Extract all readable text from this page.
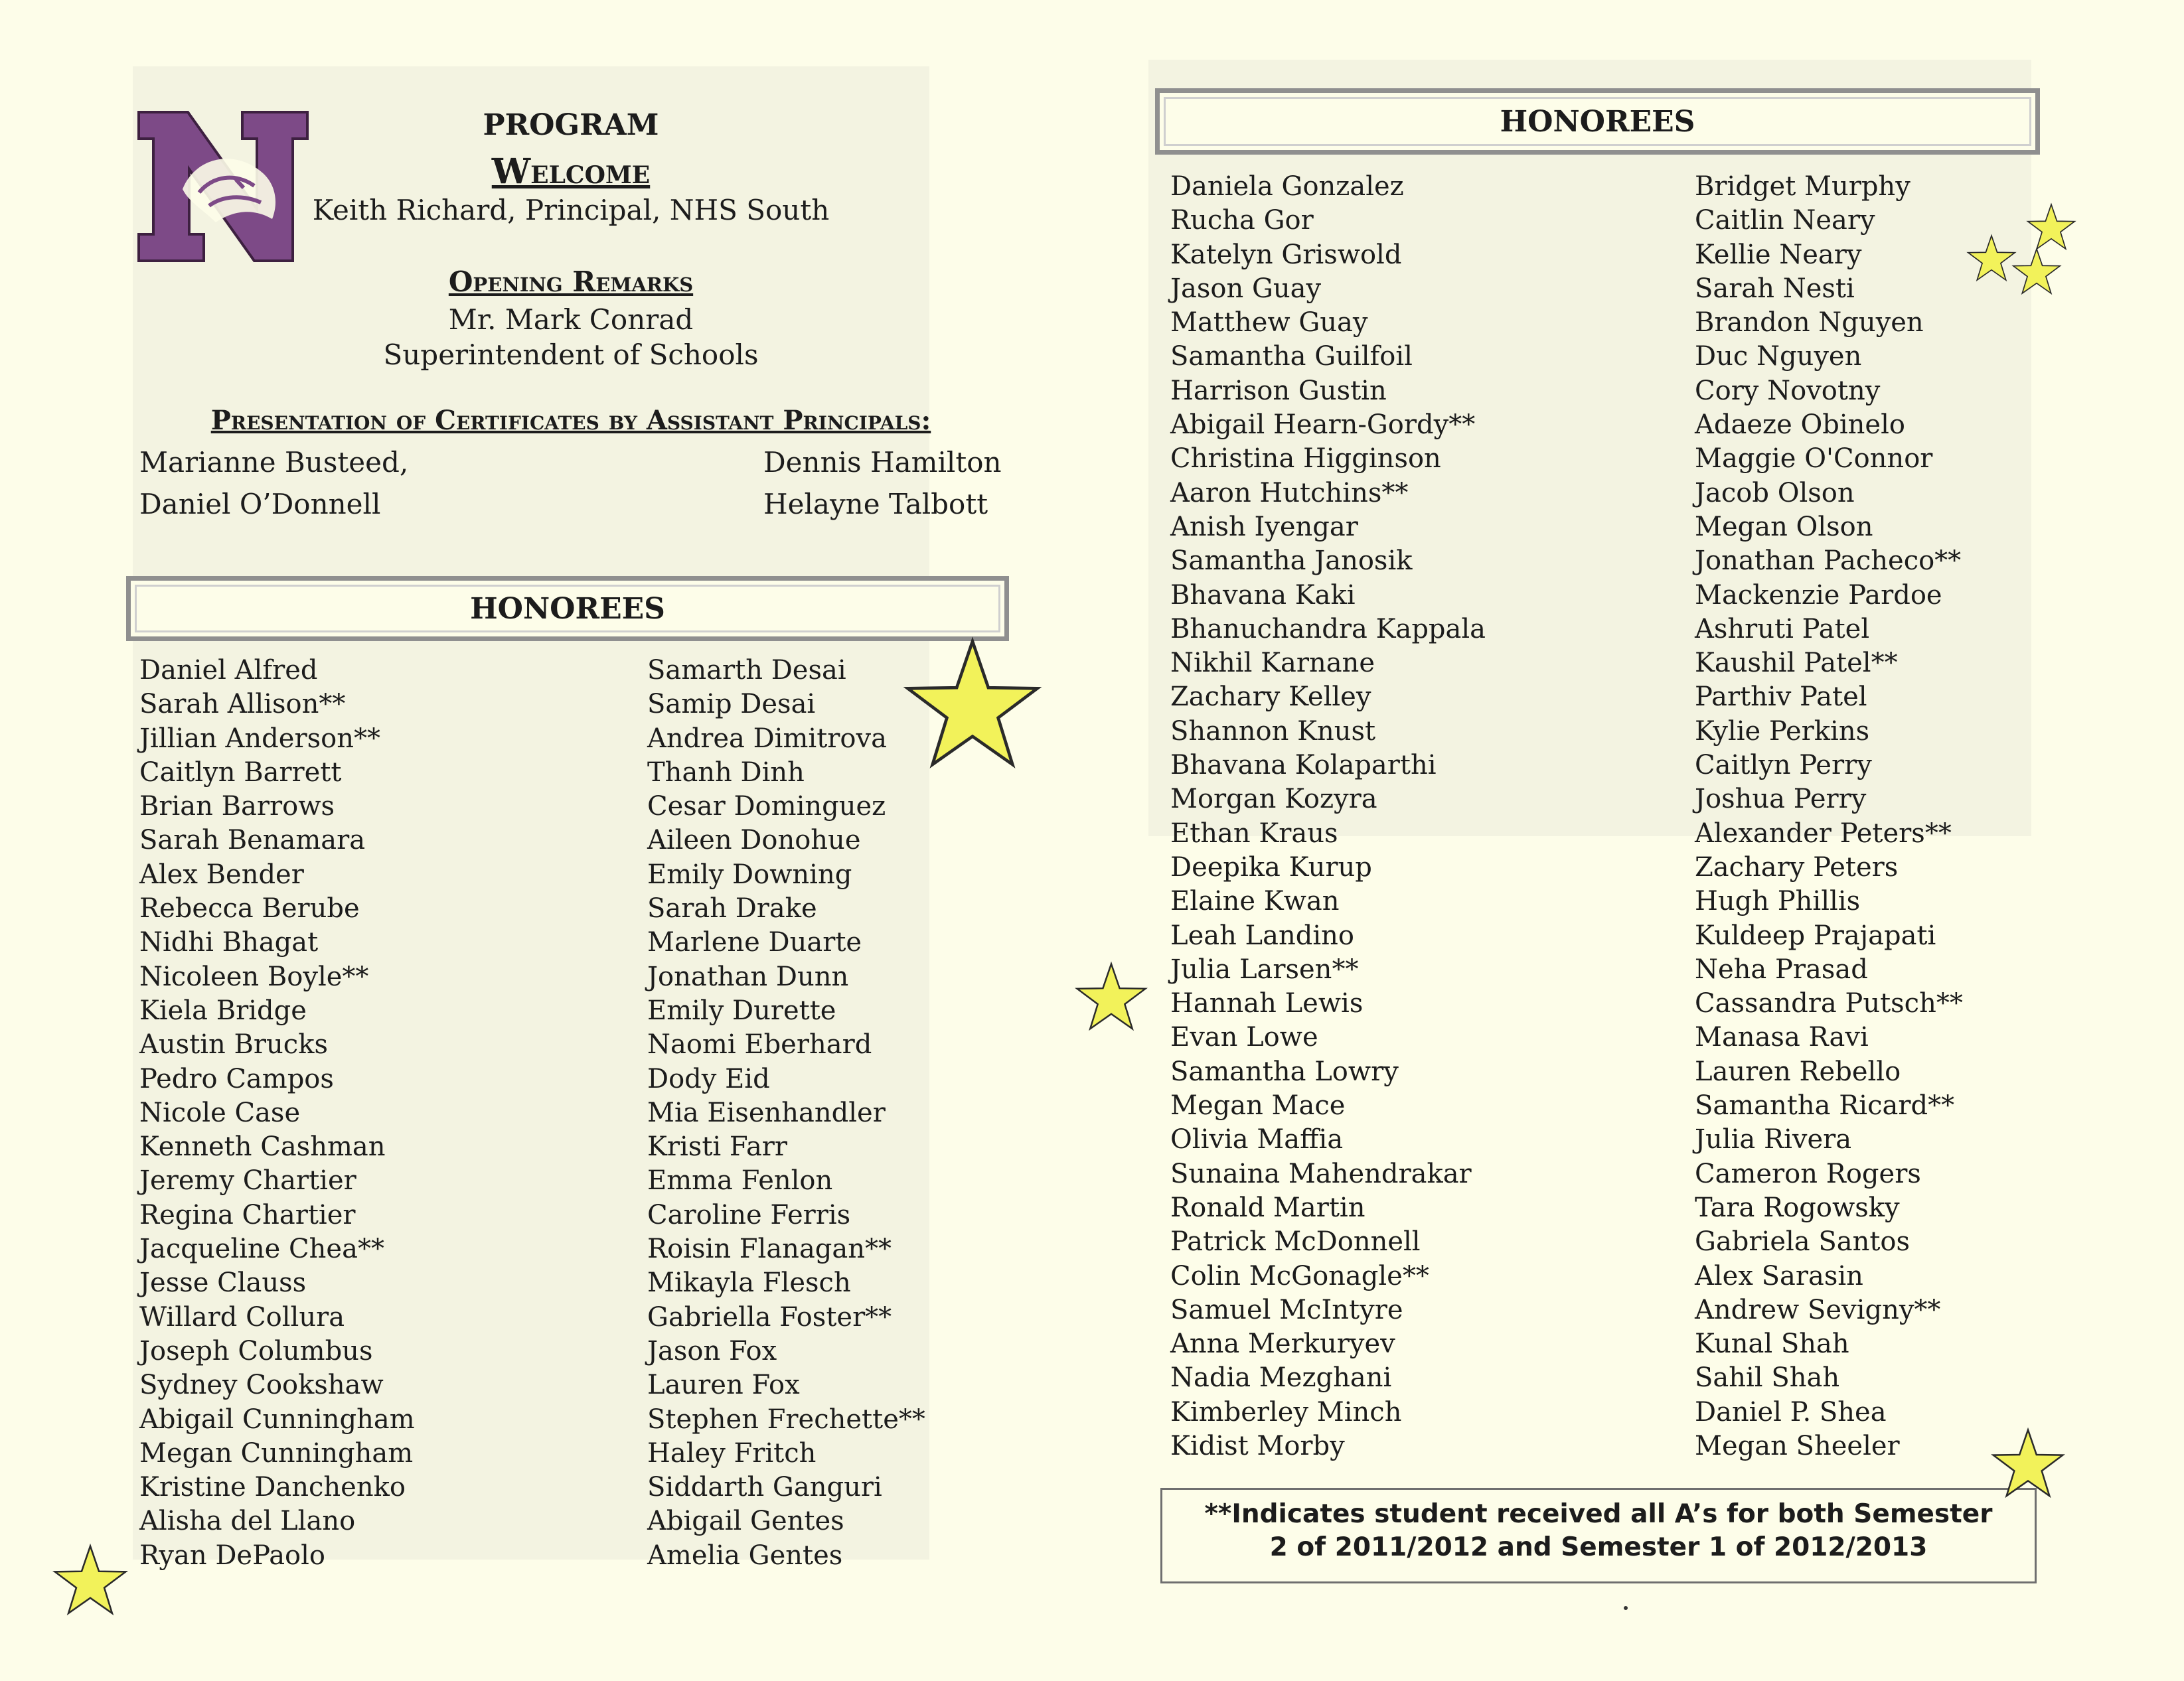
PROGRAM
Welcome
Keith Richard, Principal, NHS South
Opening Remarks
Mr. Mark Conrad
Superintendent of Schools
Presentation of Certificates by Assistant Principals:
Marianne Busteed,	Dennis Hamilton
Daniel O’Donnell	Helayne Talbott
HONOREES
HONOREES
Daniel Alfred
Sarah Allison**
Jillian Anderson**
Caitlyn Barrett
Brian Barrows
Sarah Benamara
Alex Bender
Rebecca Berube
Nidhi Bhagat
Nicoleen Boyle**
Kiela Bridge
Austin Brucks
Pedro Campos
Nicole Case
Kenneth Cashman
Jeremy Chartier
Regina Chartier
Jacqueline Chea**
Jesse Clauss
Willard Collura
Joseph Columbus
Sydney Cookshaw
Abigail Cunningham
Megan Cunningham
Kristine Danchenko
Alisha del Llano
Ryan DePaolo
Samarth Desai
Samip Desai
Andrea Dimitrova
Thanh Dinh
Cesar Dominguez
Aileen Donohue
Emily Downing
Sarah Drake
Marlene Duarte
Jonathan Dunn
Emily Durette
Naomi Eberhard
Dody Eid
Mia Eisenhandler
Kristi Farr
Emma Fenlon
Caroline Ferris
Roisin Flanagan**
Mikayla Flesch
Gabriella Foster**
Jason Fox
Lauren Fox
Stephen Frechette**
Haley Fritch
Siddarth Ganguri
Abigail Gentes
Amelia Gentes
Daniela Gonzalez
Rucha Gor
Katelyn Griswold
Jason Guay
Matthew Guay
Samantha Guilfoil
Harrison Gustin
Abigail Hearn-Gordy**
Christina Higginson
Aaron Hutchins**
Anish Iyengar
Samantha Janosik
Bhavana Kaki
Bhanuchandra Kappala
Nikhil Karnane
Zachary Kelley
Shannon Knust
Bhavana Kolaparthi
Morgan Kozyra
Ethan Kraus
Deepika Kurup
Elaine Kwan
Leah Landino
Julia Larsen**
Hannah Lewis
Evan Lowe
Samantha Lowry
Megan Mace
Olivia Maffia
Sunaina Mahendrakar
Ronald Martin
Patrick McDonnell
Colin McGonagle**
Samuel McIntyre
Anna Merkuryev
Nadia Mezghani
Kimberley Minch
Kidist Morby
Bridget Murphy
Caitlin Neary
Kellie Neary
Sarah Nesti
Brandon Nguyen
Duc Nguyen
Cory Novotny
Adaeze Obinelo
Maggie O'Connor
Jacob Olson
Megan Olson
Jonathan Pacheco**
Mackenzie Pardoe
Ashruti Patel
Kaushil Patel**
Parthiv Patel
Kylie Perkins
Caitlyn Perry
Joshua Perry
Alexander Peters**
Zachary Peters
Hugh Phillis
Kuldeep Prajapati
Neha Prasad
Cassandra Putsch**
Manasa Ravi
Lauren Rebello
Samantha Ricard**
Julia Rivera
Cameron Rogers
Tara Rogowsky
Gabriela Santos
Alex Sarasin
Andrew Sevigny**
Kunal Shah
Sahil Shah
Daniel P. Shea
Megan Sheeler
**Indicates student received all A’s for both Semester 2 of 2011/2012 and Semester 1 of 2012/2013
